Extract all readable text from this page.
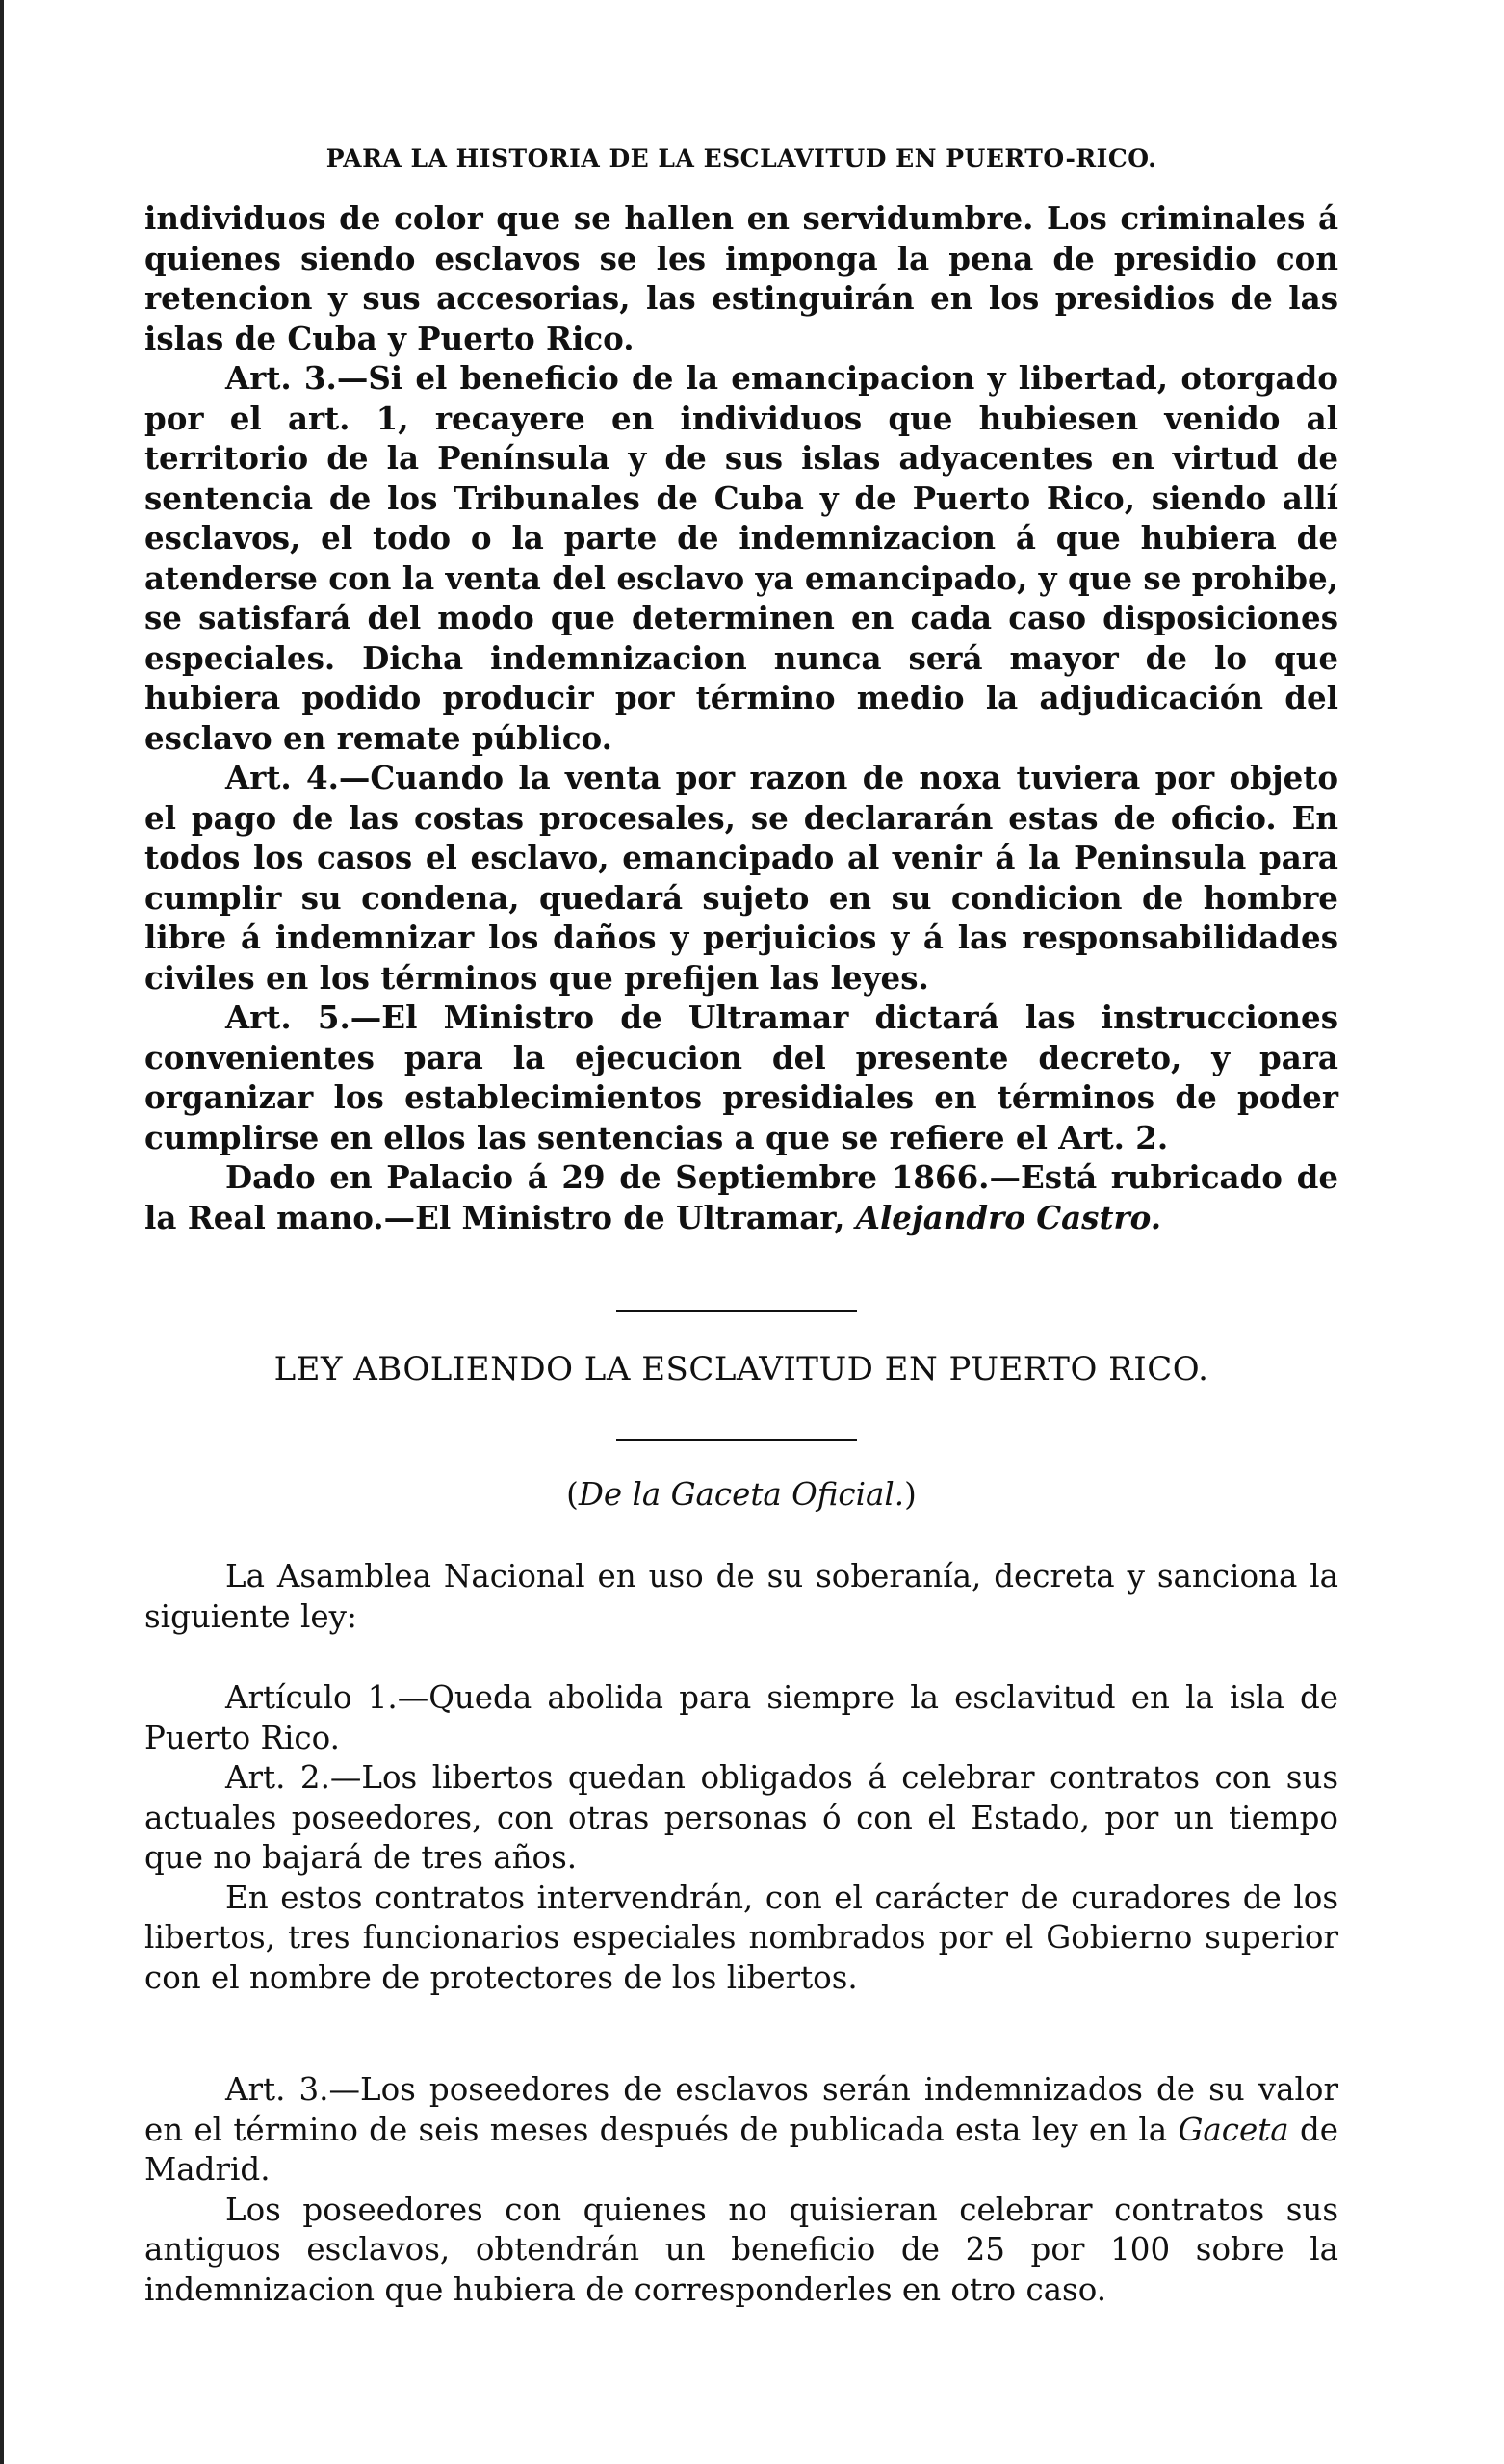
PARA LA HISTORIA DE LA ESCLAVITUD EN PUERTO-RICO.

individuos de color que se hallen en servidumbre. Los criminales á quienes siendo esclavos se les imponga la pena de presidio con retencion y sus accesorias, las estinguirán en los presidios de las islas de Cuba y Puerto Rico.

Art. 3.—Si el beneficio de la emancipacion y libertad, otorgado por el art. 1, recayere en individuos que hubiesen venido al territorio de la Península y de sus islas adyacentes en virtud de sentencia de los Tribunales de Cuba y de Puerto Rico, siendo allí esclavos, el todo o la parte de indemnizacion á que hubiera de atenderse con la venta del esclavo ya emancipado, y que se prohibe, se satisfará del modo que determinen en cada caso disposiciones especiales. Dicha indemnizacion nunca será mayor de lo que hubiera podido producir por término medio la adjudicación del esclavo en remate público.

Art. 4.—Cuando la venta por razon de noxa tuviera por objeto el pago de las costas procesales, se declararán estas de oficio. En todos los casos el esclavo, emancipado al venir á la Peninsula para cumplir su condena, quedará sujeto en su condicion de hombre libre á indemnizar los daños y perjuicios y á las responsabilidades civiles en los términos que prefijen las leyes.

Art. 5.—El Ministro de Ultramar dictará las instrucciones convenientes para la ejecucion del presente decreto, y para organizar los establecimientos presidiales en términos de poder cumplirse en ellos las sentencias a que se refiere el Art. 2.

Dado en Palacio á 29 de Septiembre 1866.—Está rubricado de la Real mano.—El Ministro de Ultramar, Alejandro Castro.

LEY ABOLIENDO LA ESCLAVITUD EN PUERTO RICO.
(De la Gaceta Oficial.)

La Asamblea Nacional en uso de su soberanía, decreta y sanciona la siguiente ley:

Artículo 1.—Queda abolida para siempre la esclavitud en la isla de Puerto Rico.

Art. 2.—Los libertos quedan obligados á celebrar contratos con sus actuales poseedores, con otras personas ó con el Estado, por un tiempo que no bajará de tres años.

En estos contratos intervendrán, con el carácter de curadores de los libertos, tres funcionarios especiales nombrados por el Gobierno superior con el nombre de protectores de los libertos.

Art. 3.—Los poseedores de esclavos serán indemnizados de su valor en el término de seis meses después de publicada esta ley en la Gaceta de Madrid.

Los poseedores con quienes no quisieran celebrar contratos sus antiguos esclavos, obtendrán un beneficio de 25 por 100 sobre la indemnizacion que hubiera de corresponderles en otro caso.
